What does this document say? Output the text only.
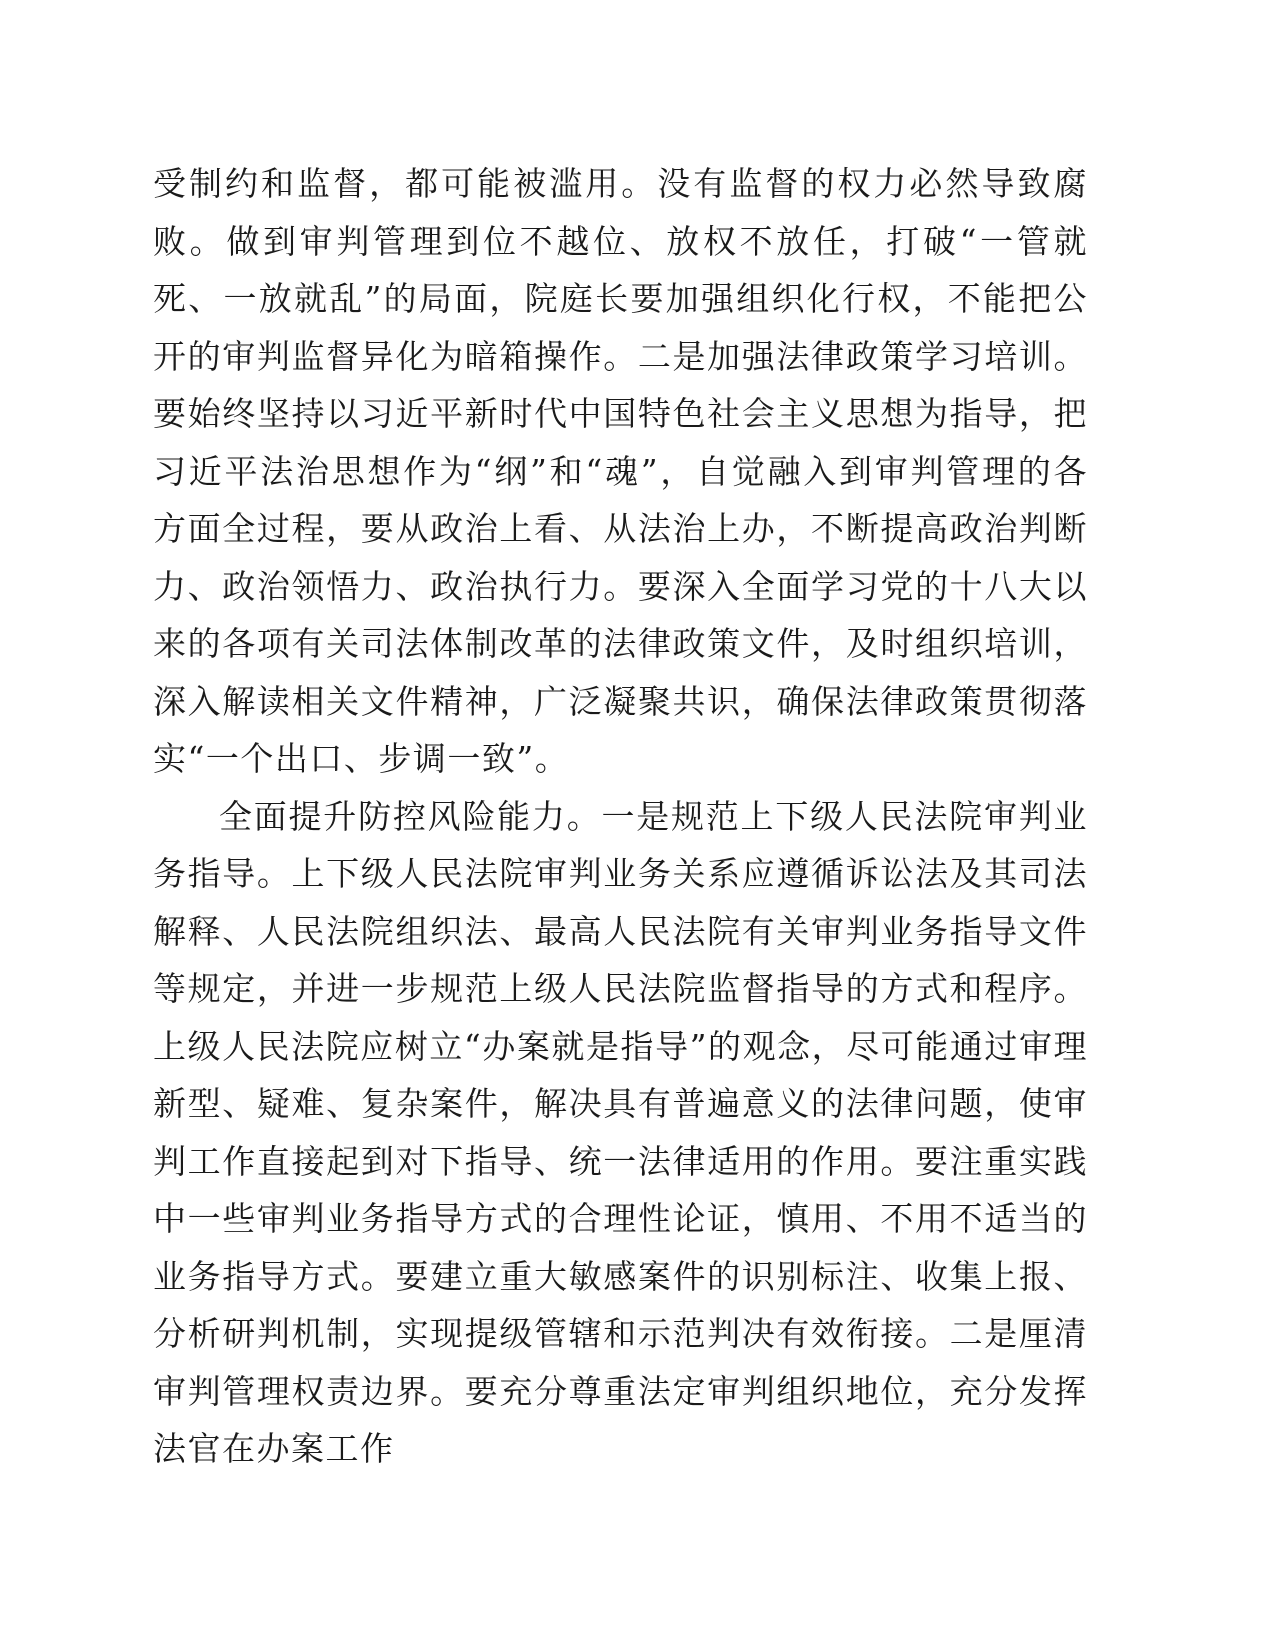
受制约和监督，都可能被滥用。没有监督的权力必然导致腐败。做到审判管理到位不越位、放权不放任，打破“一管就死、一放就乱”的局面，院庭长要加强组织化行权，不能把公开的审判监督异化为暗箱操作。二是加强法律政策学习培训。要始终坚持以习近平新时代中国特色社会主义思想为指导，把习近平法治思想作为“纲”和“魂”，自觉融入到审判管理的各方面全过程，要从政治上看、从法治上办，不断提高政治判断力、政治领悟力、政治执行力。要深入全面学习党的十八大以来的各项有关司法体制改革的法律政策文件，及时组织培训，深入解读相关文件精神，广泛凝聚共识，确保法律政策贯彻落实“一个出口、步调一致”。

全面提升防控风险能力。一是规范上下级人民法院审判业务指导。上下级人民法院审判业务关系应遵循诉讼法及其司法解释、人民法院组织法、最高人民法院有关审判业务指导文件等规定，并进一步规范上级人民法院监督指导的方式和程序。上级人民法院应树立“办案就是指导”的观念，尽可能通过审理新型、疑难、复杂案件，解决具有普遍意义的法律问题，使审判工作直接起到对下指导、统一法律适用的作用。要注重实践中一些审判业务指导方式的合理性论证，慎用、不用不适当的业务指导方式。要建立重大敏感案件的识别标注、收集上报、分析研判机制，实现提级管辖和示范判决有效衔接。二是厘清审判管理权责边界。要充分尊重法定审判组织地位，充分发挥法官在办案工作
